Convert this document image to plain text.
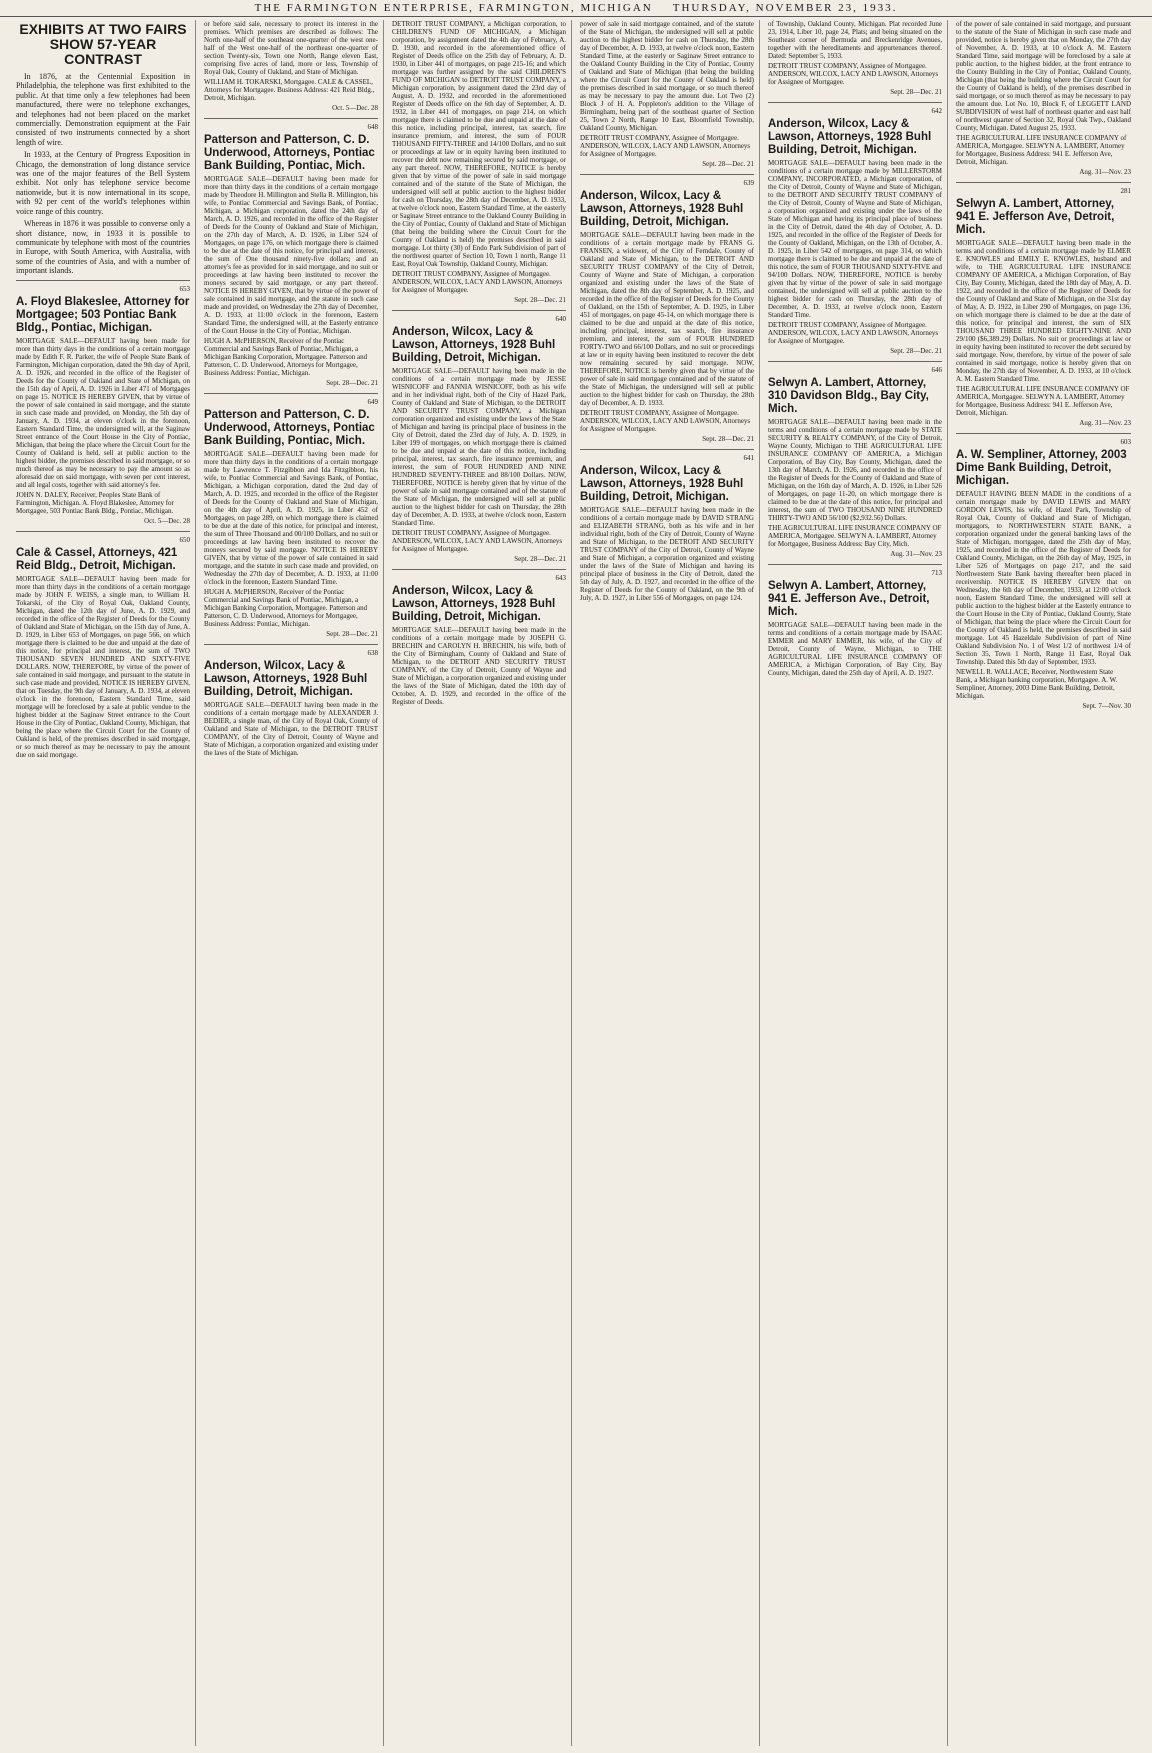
THE FARMINGTON ENTERPRISE, FARMINGTON, MICHIGAN THURSDAY, NOVEMBER 23, 1933.
EXHIBITS AT TWO FAIRS SHOW 57-YEAR CONTRAST

In 1876, at the Centennial Exposition in Philadelphia, the telephone was first exhibited to the public. At that time only a few telephones had been manufactured, there were no telephone exchanges, and telephones had not been placed on the market commercially. Demonstration equipment at the Fair consisted of two instruments connected by a short length of wire.

In 1933, at the Century of Progress Exposition in Chicago, the demonstration of long distance service was one of the major features of the Bell System exhibit. Not only has telephone service become nationwide, but it is now international in its scope, with 92 per cent of the world's telephones within voice range of this country.

Whereas in 1876 it was possible to converse only a short distance, now, in 1933 it is possible to communicate by telephone with most of the countries in Europe, with South America, with Australia, with some of the countries of Asia, and with a number of important islands.

653
A. Floyd Blakeslee, Attorney for Mortgagee; 503 Pontiac Bank Bldg., Pontiac, Michigan.

MORTGAGE SALE—DEFAULT having been made for more than thirty days in the conditions of a certain mortgage made by Edith F. R. Parker, the wife of People State Bank of Farmington, Michigan corporation, dated the 9th day of April, A. D. 1926, and recorded in the office of the Register of Deeds for the County of Oakland and State of Michigan, on the 15th day of April, A. D. 1926 in Liber 471 of Mortgages on page 15. NOTICE IS HEREBY GIVEN, that by virtue of the power of sale contained in said mortgage, and the statute in such case made and provided, on Monday, the 5th day of January, A. D. 1934, at eleven o'clock in the forenoon, Eastern Standard Time, the undersigned will, at the Saginaw Street entrance of the Court House in the City of Pontiac, Michigan, that being the place where the Circuit Court for the County of Oakland is held, sell at public auction to the highest bidder, the premises described in said mortgage, or so much thereof as may be necessary to pay the amount so as aforesaid due on said mortgage, with seven per cent interest, and all legal costs, together with said attorney's fee.

JOHN N. DALEY, Receiver, Peoples State Bank of Farmington, Michigan. A. Floyd Blakeslee, Attorney for Mortgagee, 503 Pontiac Bank Bldg., Pontiac, Michigan.

Oct. 5—Dec. 28
650
Cale & Cassel, Attorneys, 421 Reid Bldg., Detroit, Michigan.

MORTGAGE SALE—DEFAULT having been made for more than thirty days in the conditions of a certain mortgage made by JOHN F. WEISS, a single man, to William H. Tokarski, of the City of Royal Oak, Oakland County, Michigan, dated the 12th day of June, A. D. 1929, and recorded in the office of the Register of Deeds for the County of Oakland and State of Michigan, on the 15th day of June, A. D. 1929, in Liber 653 of Mortgages, on page 566, on which mortgage there is claimed to be due and unpaid at the date of this notice, for principal and interest, the sum of TWO THOUSAND SEVEN HUNDRED AND SIXTY-FIVE DOLLARS. NOW, THEREFORE, by virtue of the power of sale contained in said mortgage, and pursuant to the statute in such case made and provided, NOTICE IS HEREBY GIVEN, that on Tuesday, the 9th day of January, A. D. 1934, at eleven o'clock in the forenoon, Eastern Standard Time, said mortgage will be foreclosed by a sale at public vendue to the highest bidder at the Saginaw Street entrance to the Court House in the City of Pontiac, Oakland County, Michigan, that being the place where the Circuit Court for the County of Oakland is held, of the premises described in said mortgage, or so much thereof as may be necessary to pay the amount due on said mortgage.

or before said sale, necessary to protect its interest in the premises. Which premises are described as follows: The North one-half of the southeast one-quarter of the west one-half of the West one-half of the northeast one-quarter of section Twenty-six, Town one North, Range eleven East, comprising five acres of land, more or less, Township of Royal Oak, County of Oakland, and State of Michigan.

WILLIAM H. TOKARSKI, Mortgagee. CALE & CASSEL, Attorneys for Mortgagee. Business Address: 421 Reid Bldg., Detroit, Michigan.

Oct. 5—Dec. 28
648
Patterson and Patterson, C. D. Underwood, Attorneys, Pontiac Bank Building, Pontiac, Mich.

MORTGAGE SALE—DEFAULT having been made for more than thirty days in the conditions of a certain mortgage made by Theodore H. Millington and Stella R. Millington, his wife, to Pontiac Commercial and Savings Bank, of Pontiac, Michigan, a Michigan corporation, dated the 24th day of March, A. D. 1926, and recorded in the office of the Register of Deeds for the County of Oakland and State of Michigan, on the 27th day of March, A. D. 1926, in Liber 524 of Mortgages, on page 176, on which mortgage there is claimed to be due at the date of this notice, for principal and interest, the sum of One thousand ninety-five dollars; and an attorney's fee as provided for in said mortgage, and no suit or proceedings at law having been instituted to recover the moneys secured by said mortgage, or any part thereof. NOTICE IS HEREBY GIVEN, that by virtue of the power of sale contained in said mortgage, and the statute in such case made and provided, on Wednesday the 27th day of December, A. D. 1933, at 11:00 o'clock in the forenoon, Eastern Standard Time, the undersigned will, at the Easterly entrance of the Court House in the City of Pontiac, Michigan.

HUGH A. McPHERSON, Receiver of the Pontiac Commercial and Savings Bank of Pontiac, Michigan, a Michigan Banking Corporation, Mortgagee. Patterson and Patterson, C. D. Underwood, Attorneys for Mortgagee, Business Address: Pontiac, Michigan.

Sept. 28—Dec. 21
649
Patterson and Patterson, C. D. Underwood, Attorneys, Pontiac Bank Building, Pontiac, Mich.

MORTGAGE SALE—DEFAULT having been made for more than thirty days in the conditions of a certain mortgage made by Lawrence T. Fitzgibbon and Ida Fitzgibbon, his wife, to Pontiac Commercial and Savings Bank, of Pontiac, Michigan, a Michigan corporation, dated the 2nd day of March, A. D. 1925, and recorded in the office of the Register of Deeds for the County of Oakland and State of Michigan, on the 4th day of April, A. D. 1925, in Liber 452 of Mortgages, on page 289, on which mortgage there is claimed to be due at the date of this notice, for principal and interest, the sum of Three Thousand and 00/100 Dollars, and no suit or proceedings at law having been instituted to recover the moneys secured by said mortgage. NOTICE IS HEREBY GIVEN, that by virtue of the power of sale contained in said mortgage, and the statute in such case made and provided, on Wednesday the 27th day of December, A. D. 1933, at 11:00 o'clock in the forenoon, Eastern Standard Time.

HUGH A. McPHERSON, Receiver of the Pontiac Commercial and Savings Bank of Pontiac, Michigan, a Michigan Banking Corporation, Mortgagee. Patterson and Patterson, C. D. Underwood, Attorneys for Mortgagee, Business Address: Pontiac, Michigan.

Sept. 28—Dec. 21
638
Anderson, Wilcox, Lacy & Lawson, Attorneys, 1928 Buhl Building, Detroit, Michigan.

MORTGAGE SALE—DEFAULT having been made in the conditions of a certain mortgage made by ALEXANDER J. BEDIER, a single man, of the City of Royal Oak, County of Oakland and State of Michigan, to the DETROIT TRUST COMPANY, of the City of Detroit, County of Wayne and State of Michigan, a corporation organized and existing under the laws of the State of Michigan.

DETROIT TRUST COMPANY, a Michigan corporation, to CHILDREN'S FUND OF MICHIGAN, a Michigan corporation, by assignment dated the 4th day of February, A. D. 1930, and recorded in the aforementioned office of Register of Deeds office on the 25th day of February, A. D. 1930, in Liber 441 of mortgages, on page 215-16; and which mortgage was further assigned by the said CHILDREN'S FUND OF MICHIGAN to DETROIT TRUST COMPANY, a Michigan corporation, by assignment dated the 23rd day of August, A. D. 1932, and recorded in the aforementioned Register of Deeds office on the 6th day of September, A. D. 1932, in Liber 441 of mortgages, on page 214, on which mortgage there is claimed to be due and unpaid at the date of this notice, including principal, interest, tax search, fire insurance premium, and interest, the sum of FOUR THOUSAND FIFTY-THREE and 14/100 Dollars, and no suit or proceedings at law or in equity having been instituted to recover the debt now remaining secured by said mortgage, or any part thereof. NOW, THEREFORE, NOTICE is hereby given that by virtue of the power of sale in said mortgage contained and of the statute of the State of Michigan, the undersigned will sell at public auction to the highest bidder for cash on Thursday, the 28th day of December, A. D. 1933, at twelve o'clock noon, Eastern Standard Time, at the easterly or Saginaw Street entrance to the Oakland County Building in the City of Pontiac, County of Oakland and State of Michigan (that being the building where the Circuit Court for the County of Oakland is held) the premises described in said mortgage. Lot thirty (30) of Endo Park Subdivision of part of the northwest quarter of Section 10, Town 1 north, Range 11 East, Royal Oak Township, Oakland County, Michigan.

DETROIT TRUST COMPANY, Assignee of Mortgagee. ANDERSON, WILCOX, LACY AND LAWSON, Attorneys for Assignee of Mortgagee.

Sept. 28—Dec. 21
640
Anderson, Wilcox, Lacy & Lawson, Attorneys, 1928 Buhl Building, Detroit, Michigan.

MORTGAGE SALE—DEFAULT having been made in the conditions of a certain mortgage made by JESSE WISNICOFF and FANNIA WISNICOFF, both as his wife and in her individual right, both of the City of Hazel Park, County of Oakland and State of Michigan, to the DETROIT AND SECURITY TRUST COMPANY, a Michigan corporation organized and existing under the laws of the State of Michigan and having its principal place of business in the City of Detroit, dated the 23rd day of July, A. D. 1929, in Liber 199 of mortgages, on which mortgage there is claimed to be due and unpaid at the date of this notice, including principal, interest, tax search, fire insurance premium, and interest, the sum of FOUR HUNDRED AND NINE HUNDRED SEVENTY-THREE and 88/100 Dollars. NOW, THEREFORE, NOTICE is hereby given that by virtue of the power of sale in said mortgage contained and of the statute of the State of Michigan, the undersigned will sell at public auction to the highest bidder for cash on Thursday, the 28th day of December, A. D. 1933, at twelve o'clock noon, Eastern Standard Time.

DETROIT TRUST COMPANY, Assignee of Mortgagee. ANDERSON, WILCOX, LACY AND LAWSON, Attorneys for Assignee of Mortgagee.

Sept. 28—Dec. 21
643
Anderson, Wilcox, Lacy & Lawson, Attorneys, 1928 Buhl Building, Detroit, Michigan.

MORTGAGE SALE—DEFAULT having been made in the conditions of a certain mortgage made by JOSEPH G. BRECHIN and CAROLYN H. BRECHIN, his wife, both of the City of Birmingham, County of Oakland and State of Michigan, to the DETROIT AND SECURITY TRUST COMPANY, of the City of Detroit, County of Wayne and State of Michigan, a corporation organized and existing under the laws of the State of Michigan, dated the 10th day of October, A. D. 1929, and recorded in the office of the Register of Deeds.

power of sale in said mortgage contained, and of the statute of the State of Michigan, the undersigned will sell at public auction to the highest bidder for cash on Thursday, the 28th day of December, A. D. 1933, at twelve o'clock noon, Eastern Standard Time, at the easterly or Saginaw Street entrance to the Oakland County Building in the City of Pontiac, County of Oakland and State of Michigan (that being the building where the Circuit Court for the County of Oakland is held) the premises described in said mortgage, or so much thereof as may be necessary to pay the amount due. Lot Two (2) Block J of H. A. Poppleton's addition to the Village of Birmingham, being part of the southeast quarter of Section 25, Town 2 North, Range 10 East, Bloomfield Township, Oakland County, Michigan.

DETROIT TRUST COMPANY, Assignee of Mortgagee. ANDERSON, WILCOX, LACY AND LAWSON, Attorneys for Assignee of Mortgagee.

Sept. 28—Dec. 21
639
Anderson, Wilcox, Lacy & Lawson, Attorneys, 1928 Buhl Building, Detroit, Michigan.

MORTGAGE SALE—DEFAULT having been made in the conditions of a certain mortgage made by FRANS G. FRANSEN, a widower, of the City of Ferndale, County of Oakland and State of Michigan, to the DETROIT AND SECURITY TRUST COMPANY of the City of Detroit, County of Wayne and State of Michigan, a corporation organized and existing under the laws of the State of Michigan, dated the 8th day of September, A. D. 1925, and recorded in the office of the Register of Deeds for the County of Oakland, on the 15th of September, A. D. 1925, in Liber 451 of mortgages, on page 45-14, on which mortgage there is claimed to be due and unpaid at the date of this notice, including principal, interest, tax search, fire insurance premium, and interest, the sum of FOUR HUNDRED FORTY-TWO and 66/100 Dollars, and no suit or proceedings at law or in equity having been instituted to recover the debt now remaining secured by said mortgage. NOW, THEREFORE, NOTICE is hereby given that by virtue of the power of sale in said mortgage contained and of the statute of the State of Michigan, the undersigned will sell at public auction to the highest bidder for cash on Thursday, the 28th day of December, A. D. 1933.

DETROIT TRUST COMPANY, Assignee of Mortgagee. ANDERSON, WILCOX, LACY AND LAWSON, Attorneys for Assignee of Mortgagee.

Sept. 28—Dec. 21
641
Anderson, Wilcox, Lacy & Lawson, Attorneys, 1928 Buhl Building, Detroit, Michigan.

MORTGAGE SALE—DEFAULT having been made in the conditions of a certain mortgage made by DAVID STRANG and ELIZABETH STRANG, both as his wife and in her individual right, both of the City of Detroit, County of Wayne and State of Michigan, to the DETROIT AND SECURITY TRUST COMPANY of the City of Detroit, County of Wayne and State of Michigan, a corporation organized and existing under the laws of the State of Michigan and having its principal place of business in the City of Detroit, dated the 5th day of July, A. D. 1927, and recorded in the office of the Register of Deeds for the County of Oakland, on the 9th of July, A. D. 1927, in Liber 556 of Mortgages, on page 124.

of Township, Oakland County, Michigan. Plat recorded June 23, 1914, Liber 10, page 24, Plats; and being situated on the Southeast corner of Bermuda and Breckenridge Avenues, together with the hereditaments and appurtenances thereof. Dated: September 5, 1933.

DETROIT TRUST COMPANY, Assignee of Mortgagee. ANDERSON, WILCOX, LACY AND LAWSON, Attorneys for Assignee of Mortgagee.

Sept. 28—Dec. 21
642
Anderson, Wilcox, Lacy & Lawson, Attorneys, 1928 Buhl Building, Detroit, Michigan.

MORTGAGE SALE—DEFAULT having been made in the conditions of a certain mortgage made by MILLERSTORM COMPANY, INCORPORATED, a Michigan corporation, of the City of Detroit, County of Wayne and State of Michigan, to the DETROIT AND SECURITY TRUST COMPANY of the City of Detroit, County of Wayne and State of Michigan, a corporation organized and existing under the laws of the State of Michigan and having its principal place of business in the City of Detroit, dated the 4th day of October, A. D. 1925, and recorded in the office of the Register of Deeds for the County of Oakland, Michigan, on the 13th of October, A. D. 1925, in Liber 542 of mortgages, on page 314, on which mortgage there is claimed to be due and unpaid at the date of this notice, the sum of FOUR THOUSAND SIXTY-FIVE and 94/100 Dollars. NOW, THEREFORE, NOTICE is hereby given that by virtue of the power of sale in said mortgage contained, the undersigned will sell at public auction to the highest bidder for cash on Thursday, the 28th day of December, A. D. 1933, at twelve o'clock noon, Eastern Standard Time.

DETROIT TRUST COMPANY, Assignee of Mortgagee. ANDERSON, WILCOX, LACY AND LAWSON, Attorneys for Assignee of Mortgagee.

Sept. 28—Dec. 21
646
Selwyn A. Lambert, Attorney, 310 Davidson Bldg., Bay City, Mich.

MORTGAGE SALE—DEFAULT having been made in the terms and conditions of a certain mortgage made by STATE SECURITY & REALTY COMPANY, of the City of Detroit, Wayne County, Michigan to THE AGRICULTURAL LIFE INSURANCE COMPANY OF AMERICA, a Michigan Corporation, of Bay City, Bay County, Michigan, dated the 13th day of March, A. D. 1926, and recorded in the office of the Register of Deeds for the County of Oakland and State of Michigan, on the 16th day of March, A. D. 1926, in Liber 526 of Mortgages, on page 11-20, on which mortgage there is claimed to be due at the date of this notice, for principal and interest, the sum of TWO THOUSAND NINE HUNDRED THIRTY-TWO AND 56/100 ($2,932.56) Dollars.

THE AGRICULTURAL LIFE INSURANCE COMPANY OF AMERICA, Mortgagee. SELWYN A. LAMBERT, Attorney for Mortgagee, Business Address: Bay City, Mich.

Aug. 31—Nov. 23
713
Selwyn A. Lambert, Attorney, 941 E. Jefferson Ave., Detroit, Mich.

MORTGAGE SALE—DEFAULT having been made in the terms and conditions of a certain mortgage made by ISAAC EMMER and MARY EMMER, his wife, of the City of Detroit, County of Wayne, Michigan, to THE AGRICULTURAL LIFE INSURANCE COMPANY OF AMERICA, a Michigan Corporation, of Bay City, Bay County, Michigan, dated the 25th day of April, A. D. 1927.

of the power of sale contained in said mortgage, and pursuant to the statute of the State of Michigan in such case made and provided, notice is hereby given that on Monday, the 27th day of November, A. D. 1933, at 10 o'clock A. M. Eastern Standard Time, said mortgage will be foreclosed by a sale at public auction, to the highest bidder, at the front entrance to the County Building in the City of Pontiac, Oakland County, Michigan (that being the building where the Circuit Court for the County of Oakland is held), of the premises described in said mortgage, or so much thereof as may be necessary to pay the amount due. Lot No. 10, Block F, of LEGGETT LAND SUBDIVISION of west half of northeast quarter and east half of northwest quarter of Section 32, Royal Oak Twp., Oakland County, Michigan. Dated August 25, 1933.

THE AGRICULTURAL LIFE INSURANCE COMPANY of AMERICA, Mortgagee. SELWYN A. LAMBERT, Attorney for Mortgagee, Business Address: 941 E. Jefferson Ave, Detroit, Michigan.

Aug. 31—Nov. 23
281
Selwyn A. Lambert, Attorney, 941 E. Jefferson Ave, Detroit, Mich.

MORTGAGE SALE—DEFAULT having been made in the terms and conditions of a certain mortgage made by ELMER E. KNOWLES and EMILY E. KNOWLES, husband and wife, to THE AGRICULTURAL LIFE INSURANCE COMPANY OF AMERICA, a Michigan Corporation, of Bay City, Bay County, Michigan, dated the 18th day of May, A. D. 1922, and recorded in the office of the Register of Deeds for the County of Oakland and State of Michigan, on the 31st day of May, A. D. 1922, in Liber 290 of Mortgages, on page 136, on which mortgage there is claimed to be due at the date of this notice, for principal and interest, the sum of SIX THOUSAND THREE HUNDRED EIGHTY-NINE AND 29/100 ($6,389.29) Dollars. No suit or proceedings at law or in equity having been instituted to recover the debt secured by said mortgage. Now, therefore, by virtue of the power of sale contained in said mortgage, notice is hereby given that on Monday, the 27th day of November, A. D. 1933, at 10 o'clock A. M. Eastern Standard Time.

THE AGRICULTURAL LIFE INSURANCE COMPANY OF AMERICA, Mortgagee. SELWYN A. LAMBERT, Attorney for Mortgagee, Business Address: 941 E. Jefferson Ave, Detroit, Michigan.

Aug. 31—Nov. 23
603
A. W. Sempliner, Attorney, 2003 Dime Bank Building, Detroit, Michigan.

DEFAULT HAVING BEEN MADE in the conditions of a certain mortgage made by DAVID LEWIS and MARY GORDON LEWIS, his wife, of Hazel Park, Township of Royal Oak, County of Oakland and State of Michigan, mortgagors, to NORTHWESTERN STATE BANK, a corporation organized under the general banking laws of the State of Michigan, mortgagee, dated the 25th day of May, 1925, and recorded in the office of the Register of Deeds for Oakland County, Michigan, on the 26th day of May, 1925, in Liber 526 of Mortgages on page 217, and the said Northwestern State Bank having thereafter been placed in receivership. NOTICE IS HEREBY GIVEN that on Wednesday, the 6th day of December, 1933, at 12:00 o'clock noon, Eastern Standard Time, the undersigned will sell at public auction to the highest bidder at the Easterly entrance to the Court House in the City of Pontiac, Oakland County, State of Michigan, that being the place where the Circuit Court for the County of Oakland is held, the premises described in said mortgage. Lot 45 Hazeldale Subdivision of part of Nine Oakland Subdivision No. 1 of West 1/2 of northwest 1/4 of Section 35, Town 1 North, Range 11 East, Royal Oak Township. Dated this 5th day of September, 1933.

NEWELL R. WALLACE, Receiver, Northwestern State Bank, a Michigan banking corporation, Mortgagee. A. W. Sempliner, Attorney, 2003 Dime Bank Building, Detroit, Michigan.

Sept. 7—Nov. 30
